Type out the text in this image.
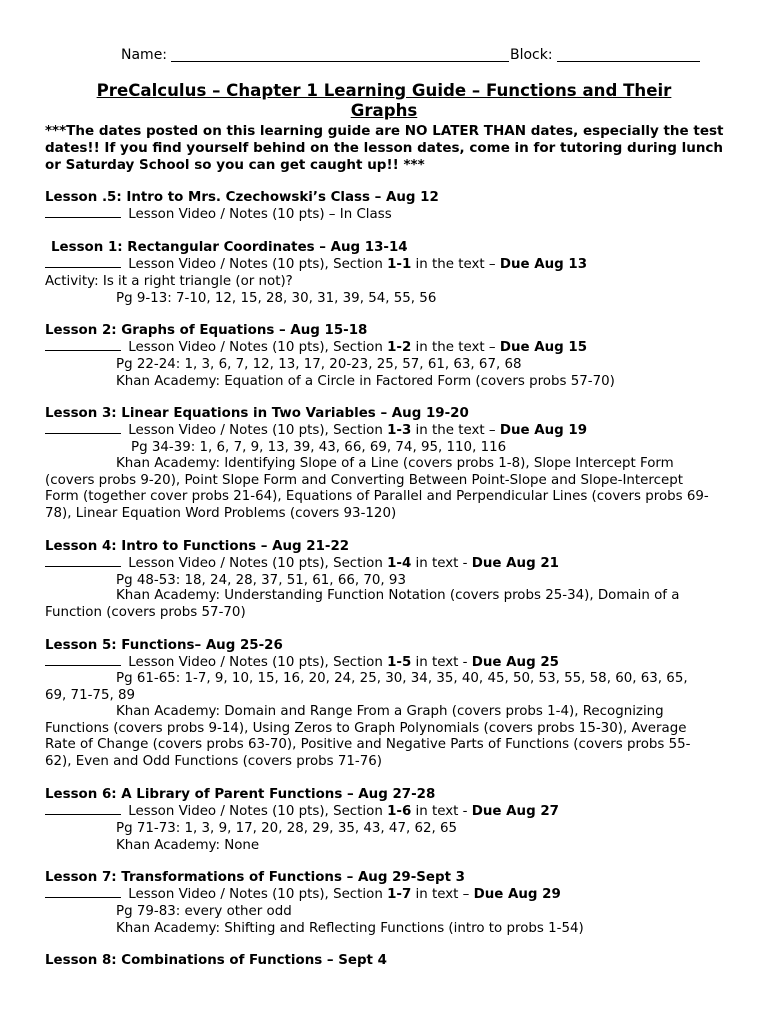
Name:	Block:
PreCalculus – Chapter 1 Learning Guide – Functions and Their Graphs
***The dates posted on this learning guide are NO LATER THAN dates, especially the test dates!! If you find yourself behind on the lesson dates, come in for tutoring during lunch or Saturday School so you can get caught up!! ***
Lesson .5: Intro to Mrs. Czechowski’s Class – Aug 12
Lesson Video / Notes (10 pts) – In Class
Lesson 1: Rectangular Coordinates – Aug 13-14
Lesson Video / Notes (10 pts), Section 1-1 in the text – Due Aug 13
Activity: Is it a right triangle (or not)?
Pg 9-13: 7-10, 12, 15, 28, 30, 31, 39, 54, 55, 56
Lesson 2: Graphs of Equations – Aug 15-18
Lesson Video / Notes (10 pts), Section 1-2 in the text – Due Aug 15
Pg 22-24: 1, 3, 6, 7, 12, 13, 17, 20-23, 25, 57, 61, 63, 67, 68
Khan Academy: Equation of a Circle in Factored Form (covers probs 57-70)
Lesson 3: Linear Equations in Two Variables – Aug 19-20
Lesson Video / Notes (10 pts), Section 1-3 in the text – Due Aug 19
Pg 34-39: 1, 6, 7, 9, 13, 39, 43, 66, 69, 74, 95, 110, 116
Khan Academy: Identifying Slope of a Line (covers probs 1-8), Slope Intercept Form (covers probs 9-20), Point Slope Form and Converting Between Point-Slope and Slope-Intercept Form (together cover probs 21-64), Equations of Parallel and Perpendicular Lines (covers probs 69-78), Linear Equation Word Problems (covers 93-120)
Lesson 4: Intro to Functions – Aug 21-22
Lesson Video / Notes (10 pts), Section 1-4 in text - Due Aug 21
Pg 48-53: 18, 24, 28, 37, 51, 61, 66, 70, 93
Khan Academy: Understanding Function Notation (covers probs 25-34), Domain of a Function (covers probs 57-70)
Lesson 5: Functions– Aug 25-26
Lesson Video / Notes (10 pts), Section 1-5 in text - Due Aug 25
Pg 61-65: 1-7, 9, 10, 15, 16, 20, 24, 25, 30, 34, 35, 40, 45, 50, 53, 55, 58, 60, 63, 65, 69, 71-75, 89
Khan Academy: Domain and Range From a Graph (covers probs 1-4), Recognizing Functions (covers probs 9-14), Using Zeros to Graph Polynomials (covers probs 15-30), Average Rate of Change (covers probs 63-70), Positive and Negative Parts of Functions (covers probs 55-62), Even and Odd Functions (covers probs 71-76)
Lesson 6: A Library of Parent Functions – Aug 27-28
Lesson Video / Notes (10 pts), Section 1-6 in text - Due Aug 27
Pg 71-73: 1, 3, 9, 17, 20, 28, 29, 35, 43, 47, 62, 65
Khan Academy: None
Lesson 7: Transformations of Functions – Aug 29-Sept 3
Lesson Video / Notes (10 pts), Section 1-7 in text – Due Aug 29
Pg 79-83: every other odd
Khan Academy: Shifting and Reflecting Functions (intro to probs 1-54)
Lesson 8: Combinations of Functions – Sept 4
